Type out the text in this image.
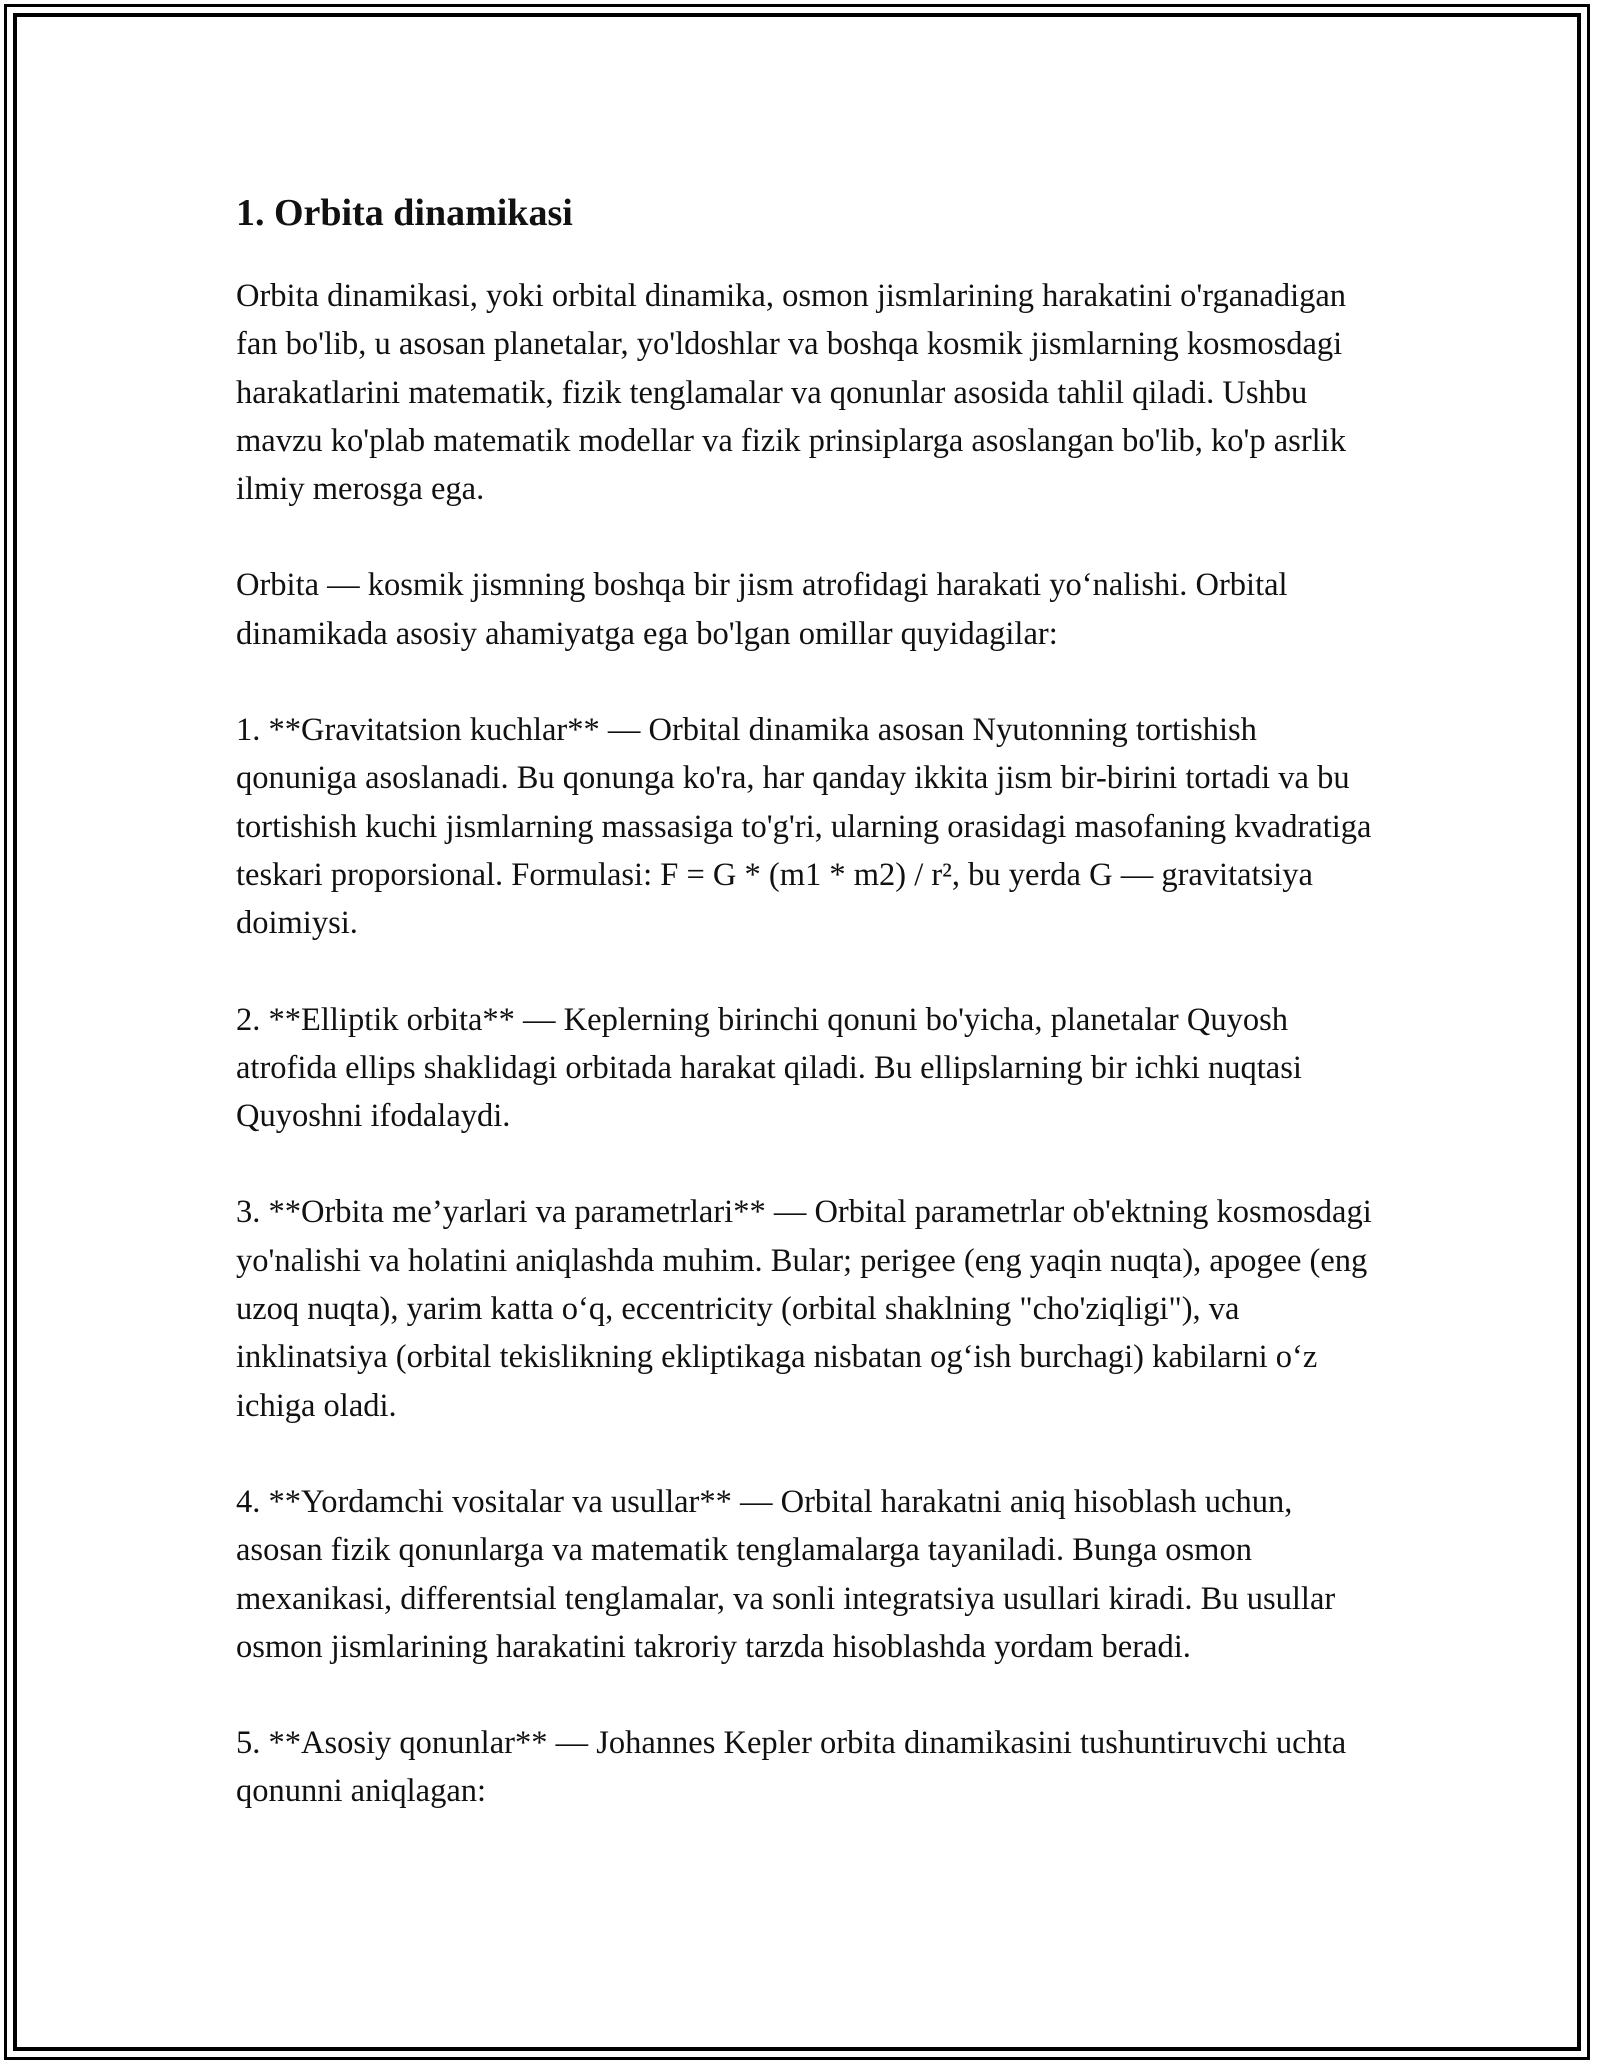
1. Orbita dinamikasi

Orbita dinamikasi, yoki orbital dinamika, osmon jismlarining harakatini o'rganadigan fan bo'lib, u asosan planetalar, yo'ldoshlar va boshqa kosmik jismlarning kosmosdagi harakatlarini matematik, fizik tenglamalar va qonunlar asosida tahlil qiladi. Ushbu mavzu ko'plab matematik modellar va fizik prinsiplarga asoslangan bo'lib, ko'p asrlik ilmiy merosga ega.

Orbita — kosmik jismning boshqa bir jism atrofidagi harakati yo‘nalishi. Orbital dinamikada asosiy ahamiyatga ega bo'lgan omillar quyidagilar:

1. **Gravitatsion kuchlar** — Orbital dinamika asosan Nyutonning tortishish qonuniga asoslanadi. Bu qonunga ko'ra, har qanday ikkita jism bir-birini tortadi va bu tortishish kuchi jismlarning massasiga to'g'ri, ularning orasidagi masofaning kvadratiga teskari proporsional. Formulasi: F = G * (m1 * m2) / r², bu yerda G — gravitatsiya doimiysi.

2. **Elliptik orbita** — Keplerning birinchi qonuni bo'yicha, planetalar Quyosh atrofida ellips shaklidagi orbitada harakat qiladi. Bu ellipslarning bir ichki nuqtasi Quyoshni ifodalaydi.

3. **Orbita me’yarlari va parametrlari** — Orbital parametrlar ob'ektning kosmosdagi yo'nalishi va holatini aniqlashda muhim. Bular; perigee (eng yaqin nuqta), apogee (eng uzoq nuqta), yarim katta o‘q, eccentricity (orbital shaklning "cho'ziqligi"), va inklinatsiya (orbital tekislikning ekliptikaga nisbatan og‘ish burchagi) kabilarni o‘z ichiga oladi.

4. **Yordamchi vositalar va usullar** — Orbital harakatni aniq hisoblash uchun, asosan fizik qonunlarga va matematik tenglamalarga tayaniladi. Bunga osmon mexanikasi, differentsial tenglamalar, va sonli integratsiya usullari kiradi. Bu usullar osmon jismlarining harakatini takroriy tarzda hisoblashda yordam beradi.

5. **Asosiy qonunlar** — Johannes Kepler orbita dinamikasini tushuntiruvchi uchta qonunni aniqlagan:
